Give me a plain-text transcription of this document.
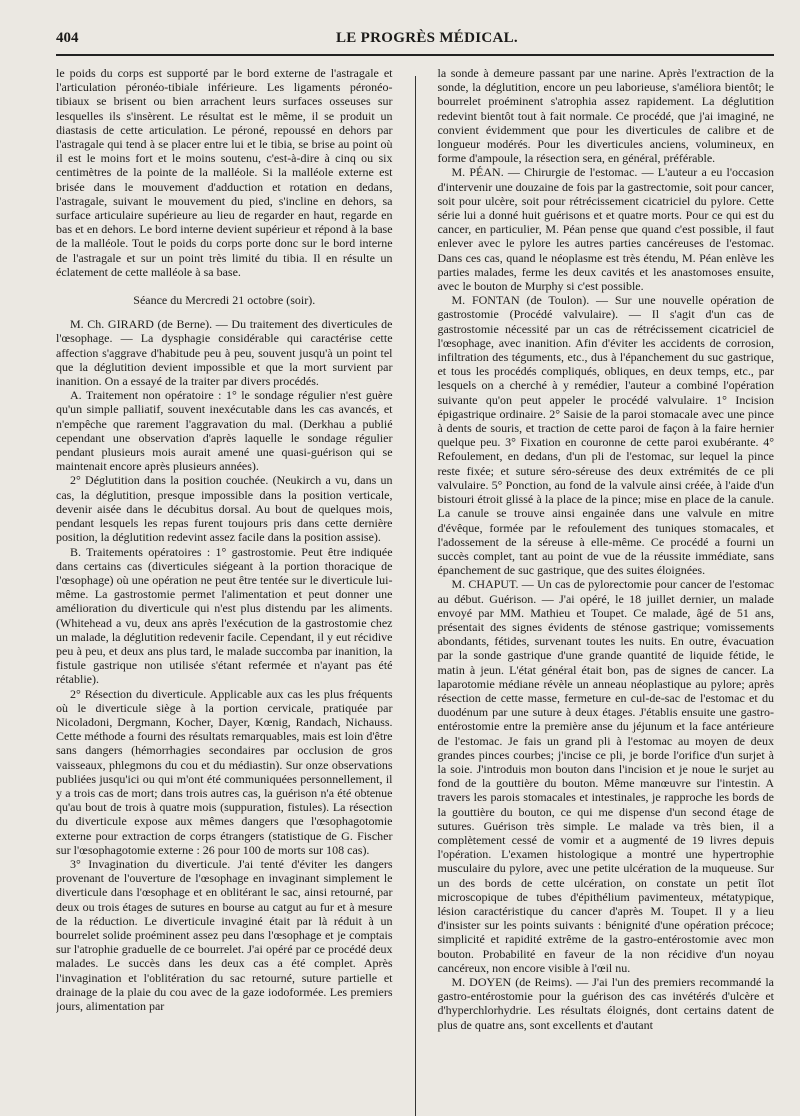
404	LE PROGRÈS MÉDICAL.

le poids du corps est supporté par le bord externe de l'astragale et l'articulation péronéo-tibiale inférieure. Les ligaments péronéo-tibiaux se brisent ou bien arrachent leurs surfaces osseuses sur lesquelles ils s'insèrent. Le résultat est le même, il se produit un diastasis de cette articulation. Le péroné, repoussé en dehors par l'astragale qui tend à se placer entre lui et le tibia, se brise au point où il est le moins fort et le moins soutenu, c'est-à-dire à cinq ou six centimètres de la pointe de la malléole. Si la malléole externe est brisée dans le mouvement d'adduction et rotation en dedans, l'astragale, suivant le mouvement du pied, s'incline en dehors, sa surface articulaire supérieure au lieu de regarder en haut, regarde en bas et en dehors. Le bord interne devient supérieur et répond à la base de la malléole. Tout le poids du corps porte donc sur le bord interne de l'astragale et sur un point très limité du tibia. Il en résulte un éclatement de cette malléole à sa base.

Séance du Mercredi 21 octobre (soir).

M. Ch. GIRARD (de Berne). — Du traitement des diverticules de l'œsophage. — La dysphagie considérable qui caractérise cette affection s'aggrave d'habitude peu à peu, souvent jusqu'à un point tel que la déglutition devient impossible et que la mort survient par inanition. On a essayé de la traiter par divers procédés.

A. Traitement non opératoire : 1° le sondage régulier n'est guère qu'un simple palliatif, souvent inexécutable dans les cas avancés, et n'empêche que rarement l'aggravation du mal. (Derkhau a publié cependant une observation d'après laquelle le sondage régulier pendant plusieurs mois aurait amené une quasi-guérison qui se maintenait encore après plusieurs années).

2° Déglutition dans la position couchée. (Neukirch a vu, dans un cas, la déglutition, presque impossible dans la position verticale, devenir aisée dans le décubitus dorsal. Au bout de quelques mois, pendant lesquels les repas furent toujours pris dans cette dernière position, la déglutition redevint assez facile dans la position assise).

B. Traitements opératoires : 1° gastrostomie. Peut être indiquée dans certains cas (diverticules siégeant à la portion thoracique de l'œsophage) où une opération ne peut être tentée sur le diverticule lui-même. La gastrostomie permet l'alimentation et peut donner une amélioration du diverticule qui n'est plus distendu par les aliments. (Whitehead a vu, deux ans après l'exécution de la gastrostomie chez un malade, la déglutition redevenir facile. Cependant, il y eut récidive peu à peu, et deux ans plus tard, le malade succomba par inanition, la fistule gastrique non utilisée s'étant refermée et n'ayant pas été rétablie).

2° Résection du diverticule. Applicable aux cas les plus fréquents où le diverticule siège à la portion cervicale, pratiquée par Nicoladoni, Dergmann, Kocher, Dayer, Kœnig, Randach, Nichauss. Cette méthode a fourni des résultats remarquables, mais est loin d'être sans dangers (hémorrhagies secondaires par occlusion de gros vaisseaux, phlegmons du cou et du médiastin). Sur onze observations publiées jusqu'ici ou qui m'ont été communiquées personnellement, il y a trois cas de mort; dans trois autres cas, la guérison n'a été obtenue qu'au bout de trois à quatre mois (suppuration, fistules). La résection du diverticule expose aux mêmes dangers que l'œsophagotomie externe pour extraction de corps étrangers (statistique de G. Fischer sur l'œsophagotomie externe : 26 pour 100 de morts sur 108 cas).

3° Invagination du diverticule. J'ai tenté d'éviter les dangers provenant de l'ouverture de l'œsophage en invaginant simplement le diverticule dans l'œsophage et en oblitérant le sac, ainsi retourné, par deux ou trois étages de sutures en bourse au catgut au fur et à mesure de la réduction. Le diverticule invaginé était par là réduit à un bourrelet solide proéminent assez peu dans l'œsophage et je comptais sur l'atrophie graduelle de ce bourrelet. J'ai opéré par ce procédé deux malades. Le succès dans les deux cas a été complet. Après l'invagination et l'oblitération du sac retourné, suture partielle et drainage de la plaie du cou avec de la gaze iodoformée. Les premiers jours, alimentation par

la sonde à demeure passant par une narine. Après l'extraction de la sonde, la déglutition, encore un peu laborieuse, s'améliora bientôt; le bourrelet proéminent s'atrophia assez rapidement. La déglutition redevint bientôt tout à fait normale. Ce procédé, que j'ai imaginé, ne convient évidemment que pour les diverticules de calibre et de longueur modérés. Pour les diverticules anciens, volumineux, en forme d'ampoule, la résection sera, en général, préférable.

M. PÉAN. — Chirurgie de l'estomac. — L'auteur a eu l'occasion d'intervenir une douzaine de fois par la gastrectomie, soit pour cancer, soit pour ulcère, soit pour rétrécissement cicatriciel du pylore. Cette série lui a donné huit guérisons et et quatre morts. Pour ce qui est du cancer, en particulier, M. Péan pense que quand c'est possible, il faut enlever avec le pylore les autres parties cancéreuses de l'estomac. Dans ces cas, quand le néoplasme est très étendu, M. Péan enlève les parties malades, ferme les deux cavités et les anastomoses ensuite, avec le bouton de Murphy si c'est possible.

M. FONTAN (de Toulon). — Sur une nouvelle opération de gastrostomie (Procédé valvulaire). — Il s'agit d'un cas de gastrostomie nécessité par un cas de rétrécissement cicatriciel de l'œsophage, avec inanition. Afin d'éviter les accidents de corrosion, infiltration des téguments, etc., dus à l'épanchement du suc gastrique, et tous les procédés compliqués, obliques, en deux temps, etc., par lesquels on a cherché à y remédier, l'auteur a combiné l'opération suivante qu'on peut appeler le procédé valvulaire. 1° Incision épigastrique ordinaire. 2° Saisie de la paroi stomacale avec une pince à dents de souris, et traction de cette paroi de façon à la faire hernier quelque peu. 3° Fixation en couronne de cette paroi exubérante. 4° Refoulement, en dedans, d'un pli de l'estomac, sur lequel la pince reste fixée; et suture séro-séreuse des deux extrémités de ce pli valvulaire. 5° Ponction, au fond de la valvule ainsi créée, à l'aide d'un bistouri étroit glissé à la place de la pince; mise en place de la canule. La canule se trouve ainsi engainée dans une valvule en mitre d'évêque, formée par le refoulement des tuniques stomacales, et l'adossement de la séreuse à elle-même. Ce procédé a fourni un succès complet, tant au point de vue de la réussite immédiate, sans épanchement de suc gastrique, que des suites éloignées.

M. CHAPUT. — Un cas de pylorectomie pour cancer de l'estomac au début. Guérison. — J'ai opéré, le 18 juillet dernier, un malade envoyé par MM. Mathieu et Toupet. Ce malade, âgé de 51 ans, présentait des signes évidents de sténose gastrique; vomissements abondants, fétides, survenant toutes les nuits. En outre, évacuation par la sonde gastrique d'une grande quantité de liquide fétide, le matin à jeun. L'état général était bon, pas de signes de cancer. La laparotomie médiane révèle un anneau néoplastique au pylore; après résection de cette masse, fermeture en cul-de-sac de l'estomac et du duodénum par une suture à deux étages. J'établis ensuite une gastro-entérostomie entre la première anse du jéjunum et la face antérieure de l'estomac. Je fais un grand pli à l'estomac au moyen de deux grandes pinces courbes; j'incise ce pli, je borde l'orifice d'un surjet à la soie. J'introduis mon bouton dans l'incision et je noue le surjet au fond de la gouttière du bouton. Même manœuvre sur l'intestin. A travers les parois stomacales et intestinales, je rapproche les bords de la gouttière du bouton, ce qui me dispense d'un second étage de sutures. Guérison très simple. Le malade va très bien, il a complètement cessé de vomir et a augmenté de 19 livres depuis l'opération. L'examen histologique a montré une hypertrophie musculaire du pylore, avec une petite ulcération de la muqueuse. Sur un des bords de cette ulcération, on constate un petit îlot microscopique de tubes d'épithélium pavimenteux, métatypique, lésion caractéristique du cancer d'après M. Toupet. Il y a lieu d'insister sur les points suivants : bénignité d'une opération précoce; simplicité et rapidité extrême de la gastro-entérostomie avec mon bouton. Probabilité en faveur de la non récidive d'un noyau cancéreux, non encore visible à l'œil nu.

M. DOYEN (de Reims). — J'ai l'un des premiers recommandé la gastro-entérostomie pour la guérison des cas invétérés d'ulcère et d'hyperchlorhydrie. Les résultats éloignés, dont certains datent de plus de quatre ans, sont excellents et d'autant
